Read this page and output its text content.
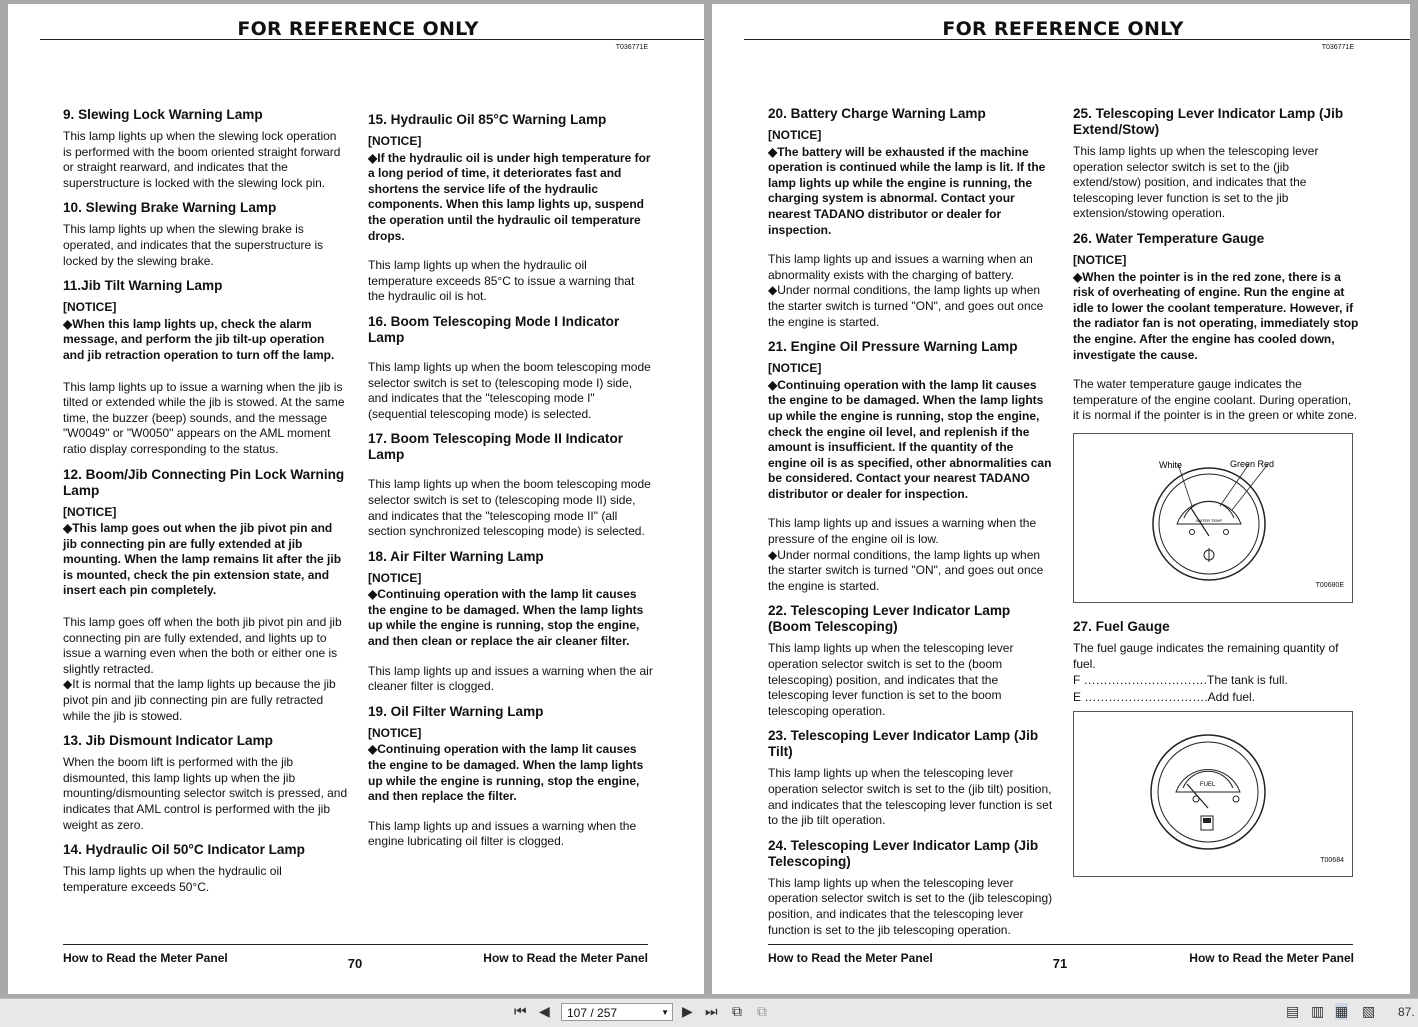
FOR REFERENCE ONLY
T036771E
9. Slewing Lock Warning Lamp

This lamp lights up when the slewing lock operation is performed with the boom oriented straight forward or straight rearward, and indicates that the superstructure is locked with the slewing lock pin.

10. Slewing Brake Warning Lamp

This lamp lights up when the slewing brake is operated, and indicates that the superstructure is locked by the slewing brake.

11.Jib Tilt Warning Lamp

[NOTICE]

◆When this lamp lights up, check the alarm message, and perform the jib tilt-up operation and jib retraction operation to turn off the lamp.

This lamp lights up to issue a warning when the jib is tilted or extended while the jib is stowed. At the same time, the buzzer (beep) sounds, and the message "W0049" or "W0050" appears on the AML moment ratio display corresponding to the status.

12. Boom/Jib Connecting Pin Lock Warning Lamp

[NOTICE]

◆This lamp goes out when the jib pivot pin and jib connecting pin are fully extended at jib mounting. When the lamp remains lit after the jib is mounted, check the pin extension state, and insert each pin completely.

This lamp goes off when the both jib pivot pin and jib connecting pin are fully extended, and lights up to issue a warning even when the both or either one is slightly retracted.

◆It is normal that the lamp lights up because the jib pivot pin and jib connecting pin are fully retracted while the jib is stowed.

13. Jib Dismount Indicator Lamp

When the boom lift is performed with the jib dismounted, this lamp lights up when the jib mounting/dismounting selector switch is pressed, and indicates that AML control is performed with the jib weight as zero.

14. Hydraulic Oil 50°C Indicator Lamp

This lamp lights up when the hydraulic oil temperature exceeds 50°C.

15. Hydraulic Oil 85°C Warning Lamp

[NOTICE]

◆If the hydraulic oil is under high temperature for a long period of time, it deteriorates fast and shortens the service life of the hydraulic components. When this lamp lights up, suspend the operation until the hydraulic oil temperature drops.

This lamp lights up when the hydraulic oil temperature exceeds 85°C to issue a warning that the hydraulic oil is hot.

16. Boom Telescoping Mode I Indicator Lamp

This lamp lights up when the boom telescoping mode selector switch is set to (telescoping mode I) side, and indicates that the "telescoping mode I" (sequential telescoping mode) is selected.

17. Boom Telescoping Mode II Indicator Lamp

This lamp lights up when the boom telescoping mode selector switch is set to (telescoping mode II) side, and indicates that the "telescoping mode II" (all section synchronized telescoping mode) is selected.

18. Air Filter Warning Lamp

[NOTICE]

◆Continuing operation with the lamp lit causes the engine to be damaged. When the lamp lights up while the engine is running, stop the engine, and then clean or replace the air cleaner filter.

This lamp lights up and issues a warning when the air cleaner filter is clogged.

19. Oil Filter Warning Lamp

[NOTICE]

◆Continuing operation with the lamp lit causes the engine to be damaged. When the lamp lights up while the engine is running, stop the engine, and then replace the filter.

This lamp lights up and issues a warning when the engine lubricating oil filter is clogged.

How to Read the Meter Panel	70	How to Read the Meter Panel
FOR REFERENCE ONLY
T036771E
20. Battery Charge Warning Lamp

[NOTICE]

◆The battery will be exhausted if the machine operation is continued while the lamp is lit. If the lamp lights up while the engine is running, the charging system is abnormal. Contact your nearest TADANO distributor or dealer for inspection.

This lamp lights up and issues a warning when an abnormality exists with the charging of battery.

◆Under normal conditions, the lamp lights up when the starter switch is turned "ON", and goes out once the engine is started.

21. Engine Oil Pressure Warning Lamp

[NOTICE]

◆Continuing operation with the lamp lit causes the engine to be damaged. When the lamp lights up while the engine is running, stop the engine, check the engine oil level, and replenish if the amount is insufficient. If the quantity of the engine oil is as specified, other abnormalities can be considered. Contact your nearest TADANO distributor or dealer for inspection.

This lamp lights up and issues a warning when the pressure of the engine oil is low.

◆Under normal conditions, the lamp lights up when the starter switch is turned "ON", and goes out once the engine is started.

22. Telescoping Lever Indicator Lamp (Boom Telescoping)

This lamp lights up when the telescoping lever operation selector switch is set to the (boom telescoping) position, and indicates that the telescoping lever function is set to the boom telescoping operation.

23. Telescoping Lever Indicator Lamp (Jib Tilt)

This lamp lights up when the telescoping lever operation selector switch is set to the (jib tilt) position, and indicates that the telescoping lever function is set to the jib tilt operation.

24. Telescoping Lever Indicator Lamp (Jib Telescoping)

This lamp lights up when the telescoping lever operation selector switch is set to the (jib telescoping) position, and indicates that the telescoping lever function is set to the jib telescoping operation.

25. Telescoping Lever Indicator Lamp (Jib Extend/Stow)

This lamp lights up when the telescoping lever operation selector switch is set to the (jib extend/stow) position, and indicates that the telescoping lever function is set to the jib extension/stowing operation.

26. Water Temperature Gauge

[NOTICE]

◆When the pointer is in the red zone, there is a risk of overheating of engine. Run the engine at idle to lower the coolant temperature. However, if the radiator fan is not operating, immediately stop the engine. After the engine has cooled down, investigate the cause.

The water temperature gauge indicates the temperature of the engine coolant. During operation, it is normal if the pointer is in the green or white zone.

White	Green Red
WATER TEMP
T00680E
27. Fuel Gauge

The fuel gauge indicates the remaining quantity of fuel.

F ………………………….The tank is full.

E ………………………….Add fuel.

FUEL
T00684
How to Read the Meter Panel	71	How to Read the Meter Panel
⏮ ◀	107 / 257	▼ ▶ ⏭ ⧉ ⧉	▤ ▥ ▦ ▧ 87.
